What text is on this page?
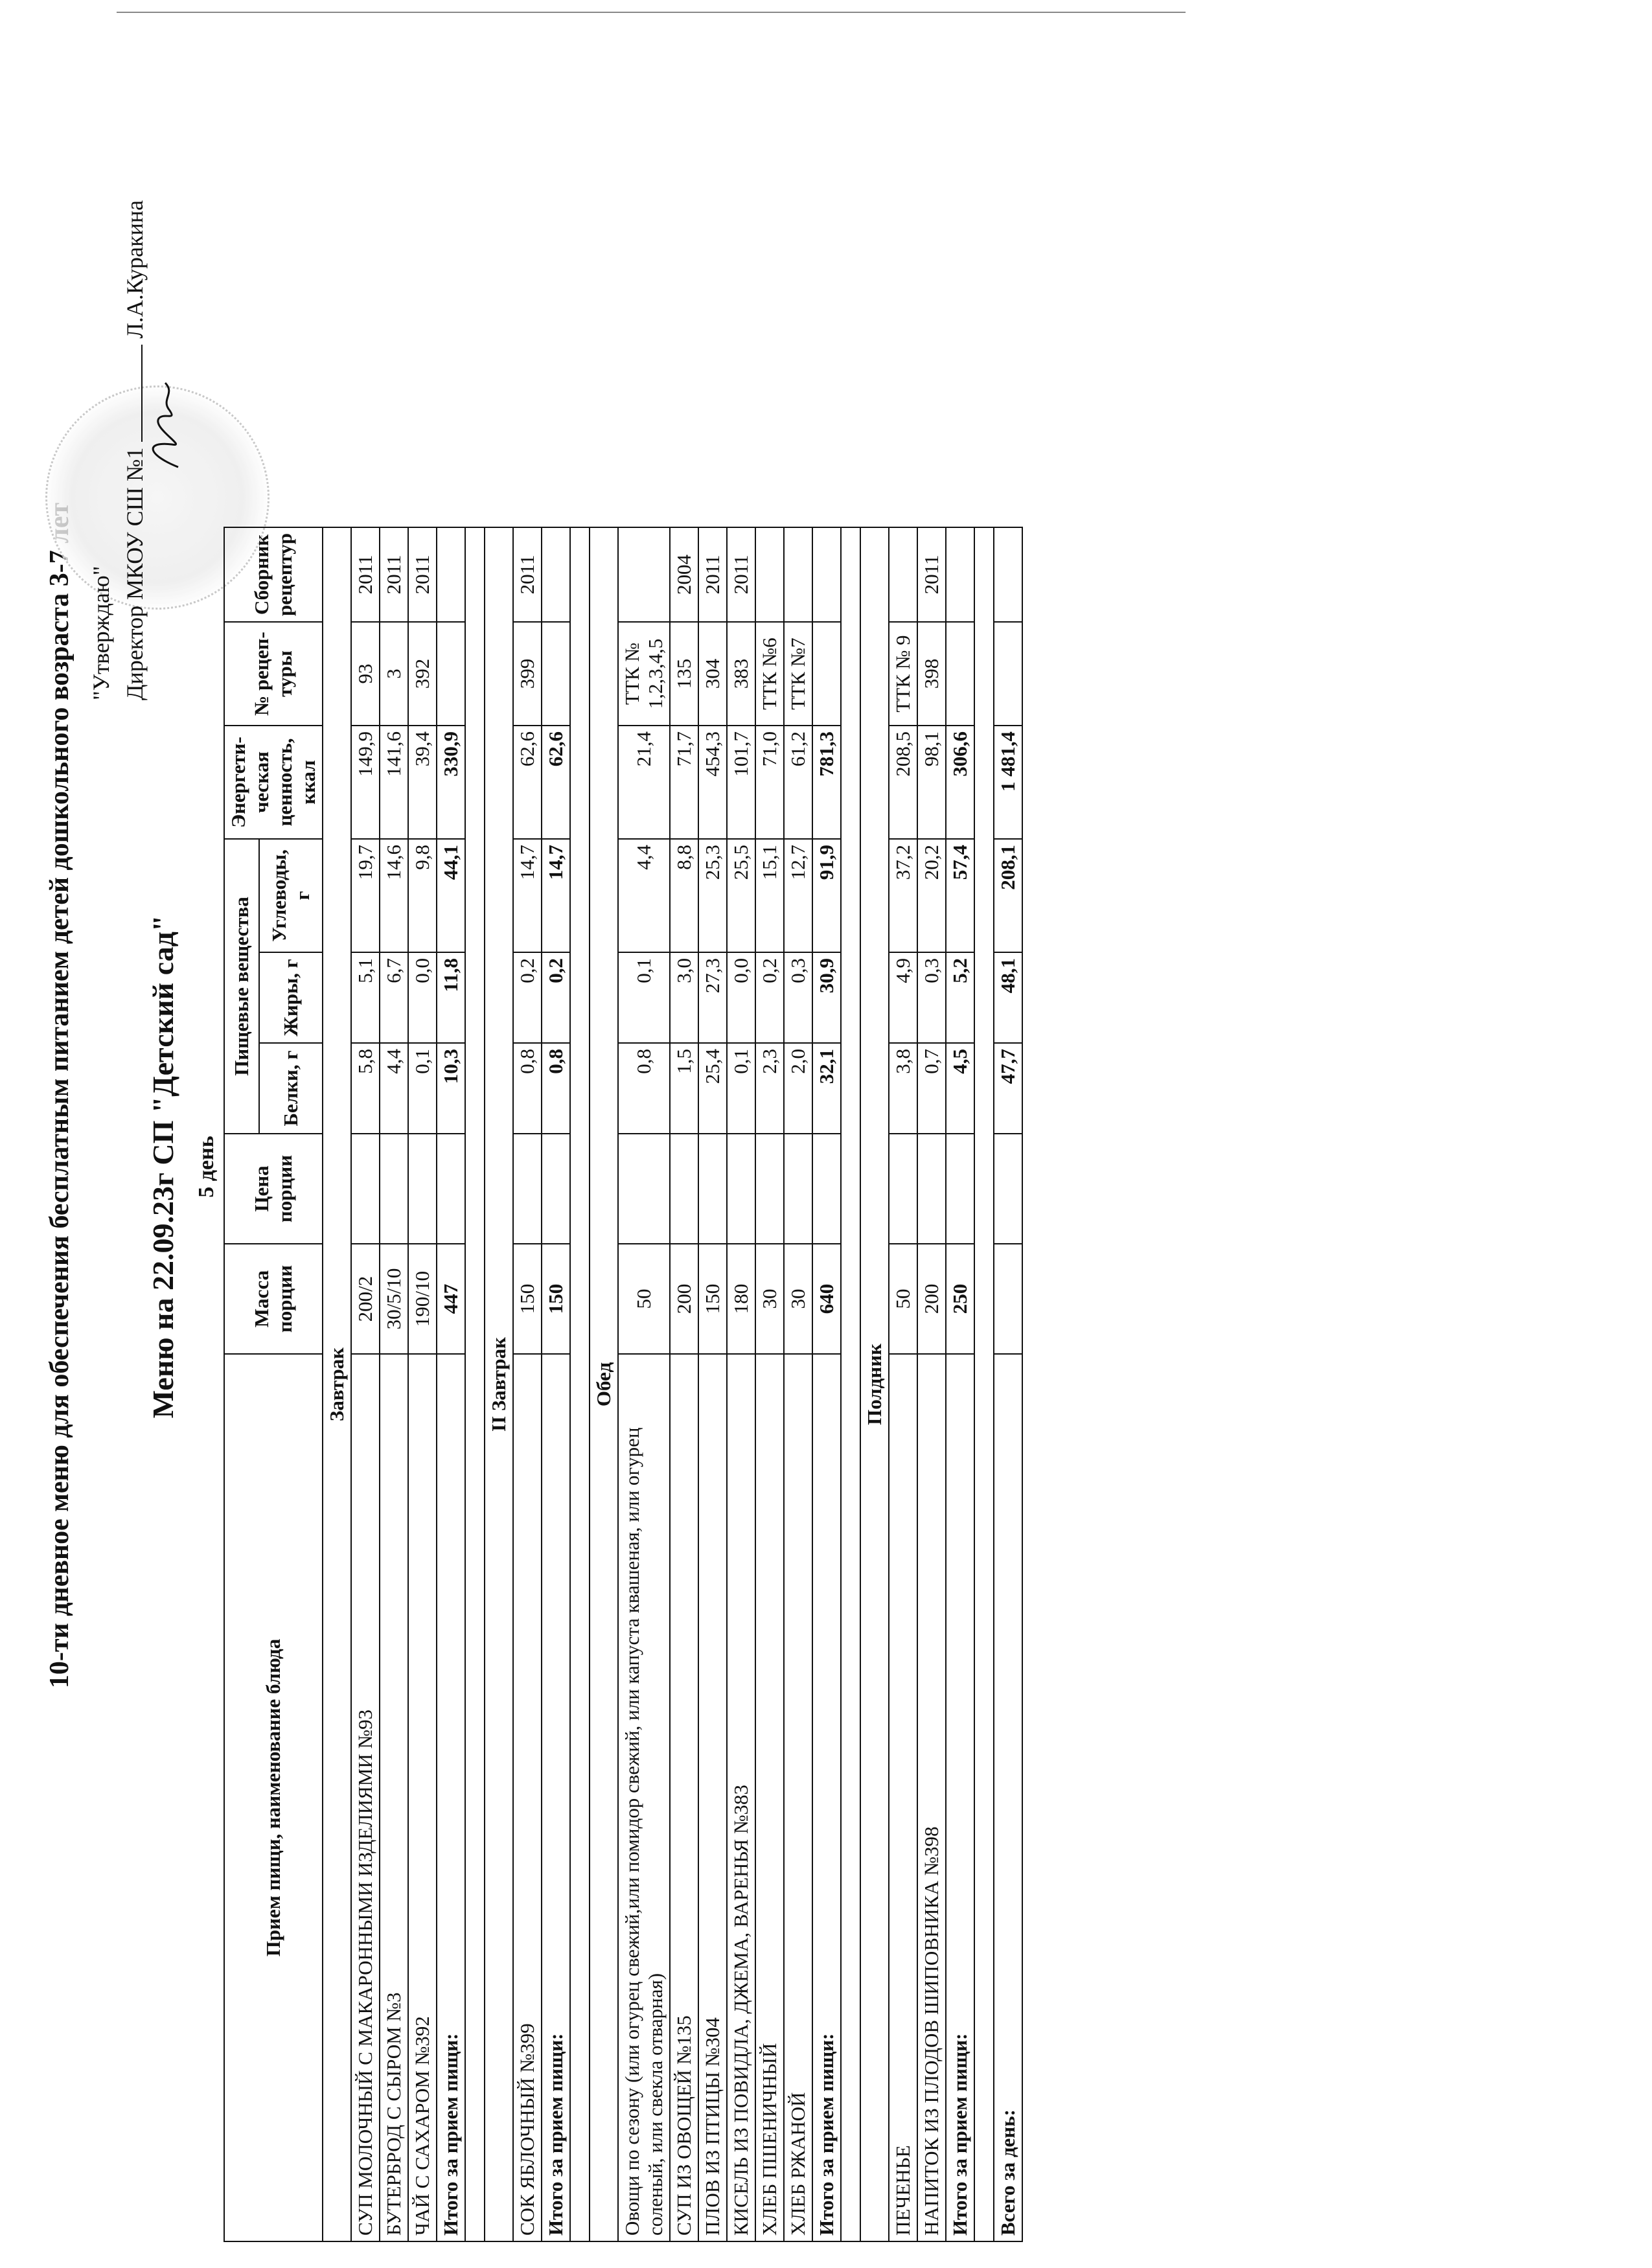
10-ти дневное меню для обеспечения бесплатным питанием детей дошкольного возраста 3-7 лет "Утверждаю" Директор МКОУ СШ №1  Л.А.Куракина
Меню на 22.09.23г СП "Детский сад" 5 день
Прием пищи, наименование блюда	Масса порции	Цена порции	Пищевые вещества			Энергети-ческая ценность, ккал	№ рецеп-туры	Сборник рецептур
			Белки, г	Жиры, г	Углеводы, г			
Завтрак								
СУП МОЛОЧНЫЙ С МАКАРОННЫМИ ИЗДЕЛИЯМИ №93	200/2		5,8	5,1	19,7	149,9	93	2011
БУТЕРБРОД С СЫРОМ №3	30/5/10		4,4	6,7	14,6	141,6	3	2011
ЧАЙ С САХАРОМ №392	190/10		0,1	0,0	9,8	39,4	392	2011
Итого за прием пищи:	447		10,3	11,8	44,1	330,9		

II Завтрак								
СОК ЯБЛОЧНЫЙ №399	150		0,8	0,2	14,7	62,6	399	2011
Итого за прием пищи:	150		0,8	0,2	14,7	62,6		

Обед								
Овощи по сезону (или огурец свежий,или помидор свежий, или капуста квашеная, или огурец соленый, или свекла отварная)	50		0,8	0,1	4,4	21,4	ТТК № 1,2,3,4,5	
СУП ИЗ ОВОЩЕЙ №135	200		1,5	3,0	8,8	71,7	135	2004
ПЛОВ ИЗ ПТИЦЫ №304	150		25,4	27,3	25,3	454,3	304	2011
КИСЕЛЬ ИЗ ПОВИДЛА, ДЖЕМА, ВАРЕНЬЯ №383	180		0,1	0,0	25,5	101,7	383	2011
ХЛЕБ ПШЕНИЧНЫЙ	30		2,3	0,2	15,1	71,0	ТТК №6	
ХЛЕБ РЖАНОЙ	30		2,0	0,3	12,7	61,2	ТТК №7	
Итого за прием пищи:	640		32,1	30,9	91,9	781,3		

Полдник								
ПЕЧЕНЬЕ	50		3,8	4,9	37,2	208,5	ТТК № 9	
НАПИТОК ИЗ ПЛОДОВ ШИПОВНИКА №398	200		0,7	0,3	20,2	98,1	398	2011
Итого за прием пищи:	250		4,5	5,2	57,4	306,6		

Всего за день:			47,7	48,1	208,1	1 481,4		
